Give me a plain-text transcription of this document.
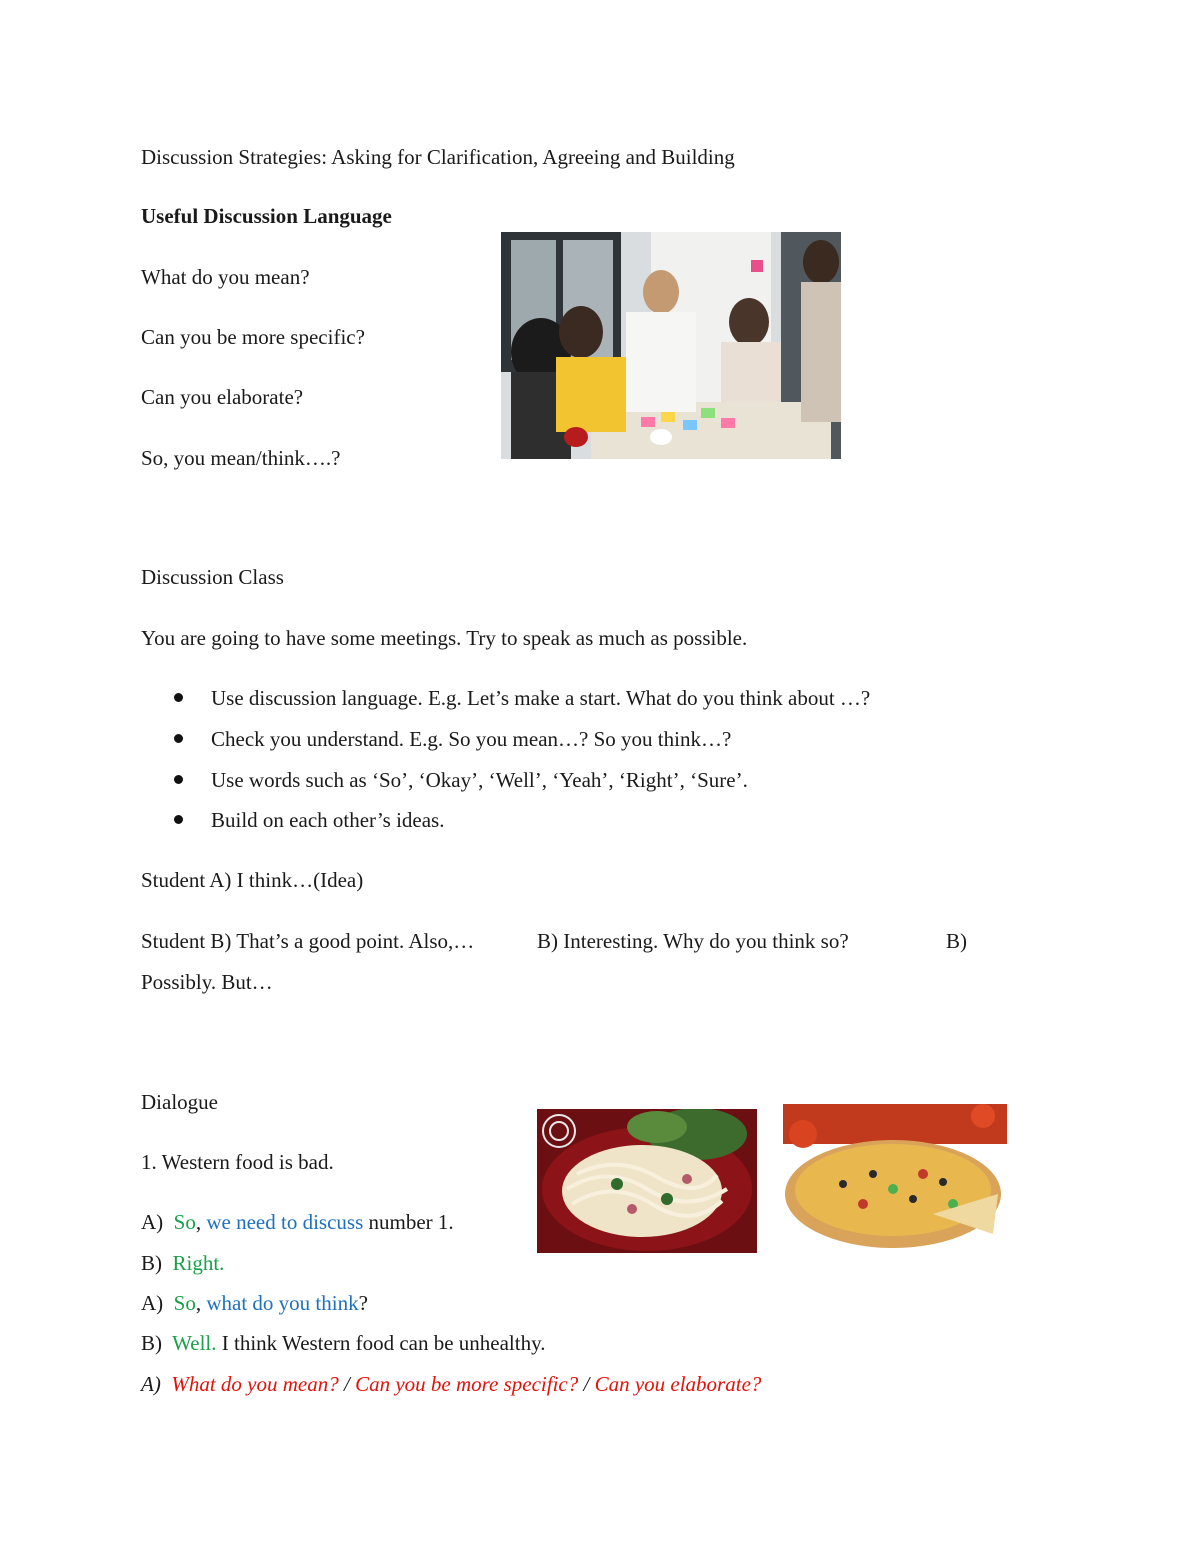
Discussion Strategies: Asking for Clarification, Agreeing and Building
Useful Discussion Language
What do you mean?
Can you be more specific?
Can you elaborate?
So, you mean/think….?
Discussion Class
You are going to have some meetings. Try to speak as much as possible.
Use discussion language. E.g. Let’s make a start. What do you think about …?
Check you understand. E.g. So you mean…? So you think…?
Use words such as ‘So’, ‘Okay’, ‘Well’, ‘Yeah’, ‘Right’, ‘Sure’.
Build on each other’s ideas.
Student A) I think…(Idea)
Student B) That’s a good point. Also,…	B) Interesting. Why do you think so?	B)
Possibly. But…
Dialogue
1. Western food is bad.
A) So, we need to discuss number 1.
B) Right.
A) So, what do you think?
B) Well. I think Western food can be unhealthy.
A) What do you mean? / Can you be more specific? / Can you elaborate?
